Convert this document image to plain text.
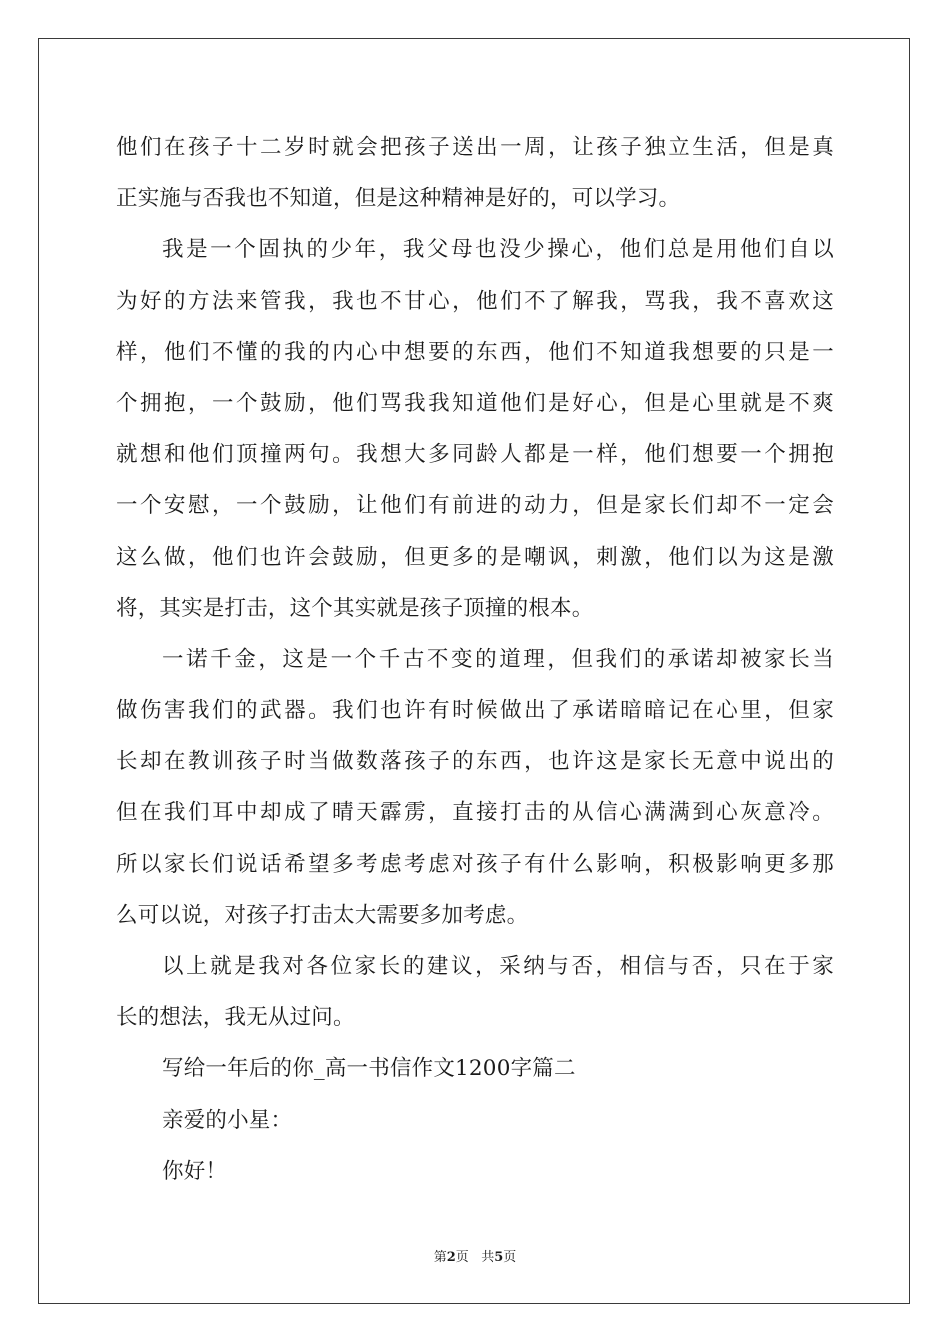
他们在孩子十二岁时就会把孩子送出一周，让孩子独立生活，但是真
正实施与否我也不知道，但是这种精神是好的，可以学习。
我是一个固执的少年，我父母也没少操心，他们总是用他们自以
为好的方法来管我，我也不甘心，他们不了解我，骂我，我不喜欢这
样，他们不懂的我的内心中想要的东西，他们不知道我想要的只是一
个拥抱，一个鼓励，他们骂我我知道他们是好心，但是心里就是不爽
就想和他们顶撞两句。我想大多同龄人都是一样，他们想要一个拥抱
一个安慰，一个鼓励，让他们有前进的动力，但是家长们却不一定会
这么做，他们也许会鼓励，但更多的是嘲讽，刺激，他们以为这是激
将，其实是打击，这个其实就是孩子顶撞的根本。
一诺千金，这是一个千古不变的道理，但我们的承诺却被家长当
做伤害我们的武器。我们也许有时候做出了承诺暗暗记在心里，但家
长却在教训孩子时当做数落孩子的东西，也许这是家长无意中说出的
但在我们耳中却成了晴天霹雳，直接打击的从信心满满到心灰意冷。
所以家长们说话希望多考虑考虑对孩子有什么影响，积极影响更多那
么可以说，对孩子打击太大需要多加考虑。
以上就是我对各位家长的建议，采纳与否，相信与否，只在于家
长的想法，我无从过问。
写给一年后的你_高一书信作文1200字篇二
亲爱的小星：
你好！
第2页   共5页
